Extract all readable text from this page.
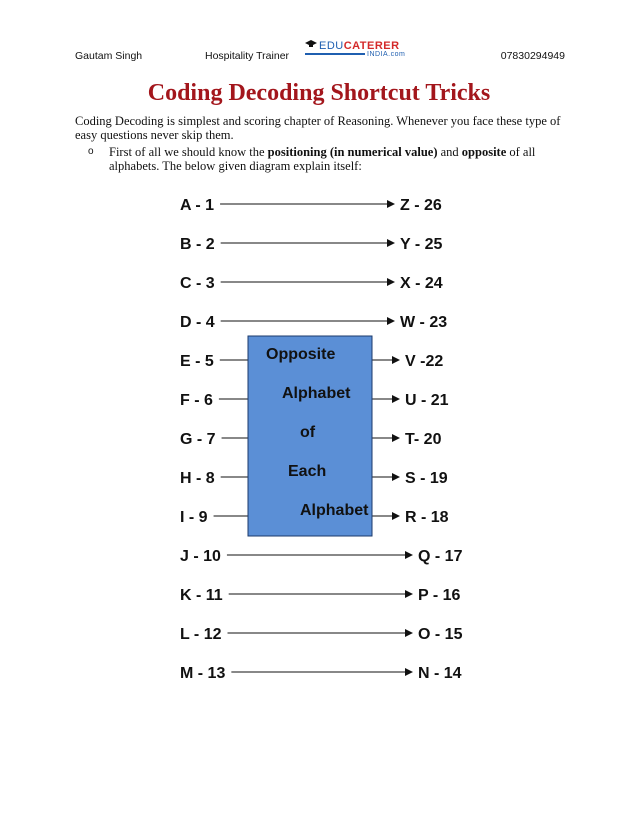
Gautam Singh	Hospitality Trainer	07830294949
EDUCATERER
INDIA.com
Coding Decoding Shortcut Tricks
Coding Decoding is simplest and scoring chapter of Reasoning. Whenever you face these type of easy questions never skip them.
o First of all we should know the positioning (in numerical value) and opposite of all alphabets. The below given diagram explain itself:
A - 1	Z - 26
B - 2	Y - 25
C - 3	X - 24
D - 4	W - 23
E - 5	V -22
F - 6	U - 21
G - 7	T- 20
H - 8	S - 19
I - 9	R - 18
J - 10	Q - 17
K - 11	P - 16
L - 12	O - 15
M - 13	N - 14
Opposite
Alphabet
of
Each
Alphabet
